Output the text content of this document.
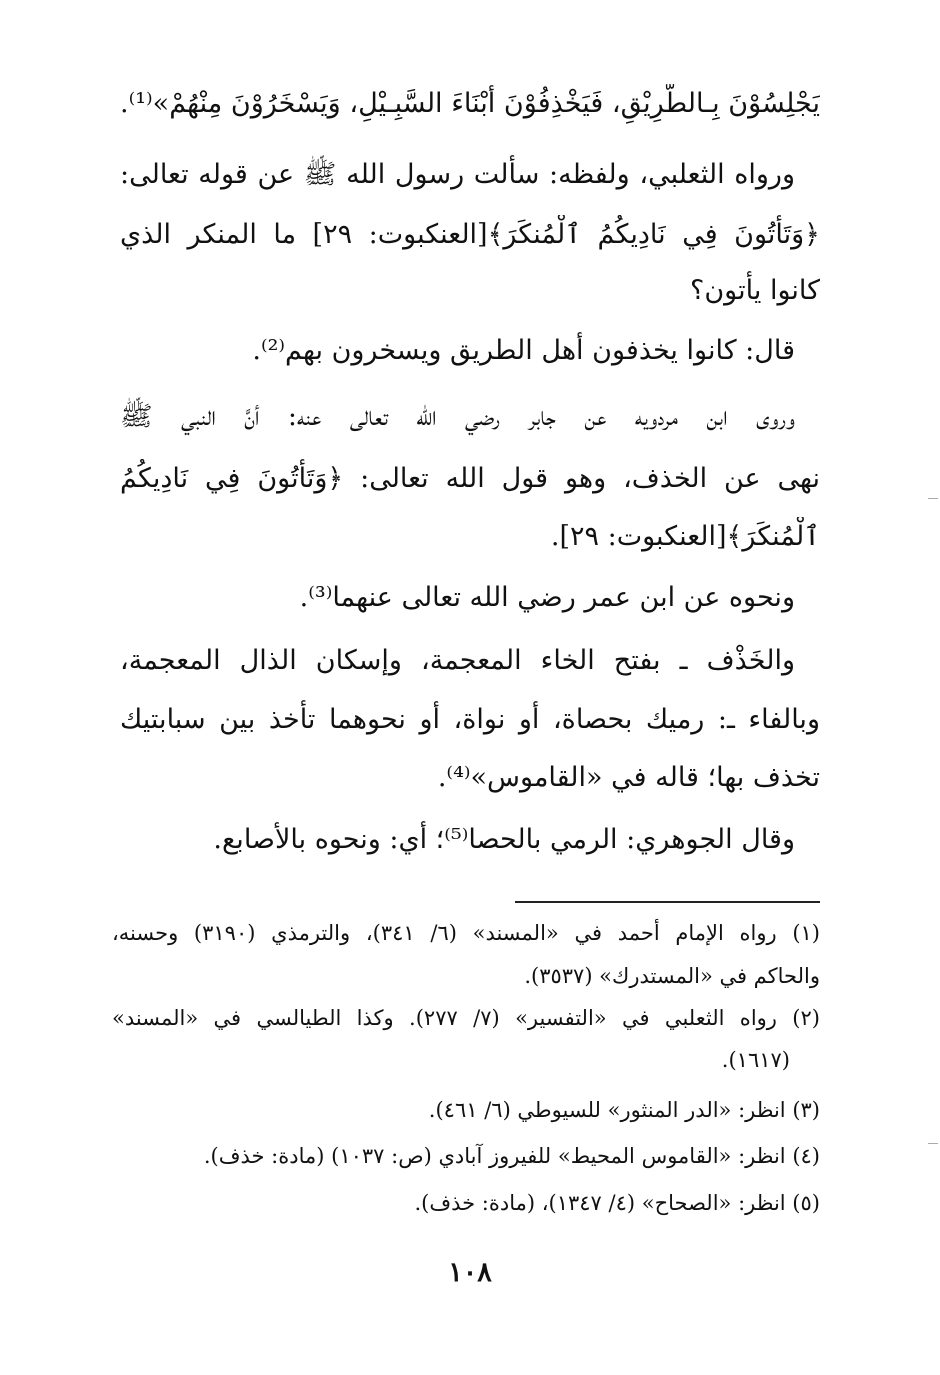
يَجْلِسُوْنَ بِـالطَّرِيْقِ، فَيَخْذِفُوْنَ أَبْنَاءَ السَّبِـيْلِ، وَيَسْخَرُوْنَ مِنْهُمْ»⁽¹⁾.
ورواه الثعلبي، ولفظه: سألت رسول الله ﷺ عن قوله تعالى:
﴿وَتَأْتُونَ فِي نَادِيكُمُ ٱلْمُنكَرَ﴾[العنكبوت: ٢٩] ما المنكر الذي
كانوا يأتون؟
قال: كانوا يخذفون أهل الطريق ويسخرون بهم⁽²⁾.
وروى ابن مردويه عن جابر رضي الله تعالى عنه: أنَّ النبي ﷺ
نهى عن الخذف، وهو قول الله تعالى: ﴿وَتَأْتُونَ فِي نَادِيكُمُ
ٱلْمُنكَرَ﴾[العنكبوت: ٢٩].
ونحوه عن ابن عمر رضي الله تعالى عنهما⁽³⁾.
والخَذْف ـ بفتح الخاء المعجمة، وإسكان الذال المعجمة،
وبالفاء ـ: رميك بحصاة، أو نواة، أو نحوهما تأخذ بين سبابتيك
تخذف بها؛ قاله في «القاموس»⁽⁴⁾.
وقال الجوهري: الرمي بالحصا⁽⁵⁾؛ أي: ونحوه بالأصابع.
(١) رواه الإمام أحمد في «المسند» (٦/ ٣٤١)، والترمذي (٣١٩٠) وحسنه،
والحاكم في «المستدرك» (٣٥٣٧).
(٢) رواه الثعلبي في «التفسير» (٧/ ٢٧٧). وكذا الطيالسي في «المسند»
(١٦١٧).
(٣) انظر: «الدر المنثور» للسيوطي (٦/ ٤٦١).
(٤) انظر: «القاموس المحيط» للفيروز آبادي (ص: ١٠٣٧) (مادة: خذف).
(٥) انظر: «الصحاح» (٤/ ١٣٤٧)، (مادة: خذف).
١٠٨
